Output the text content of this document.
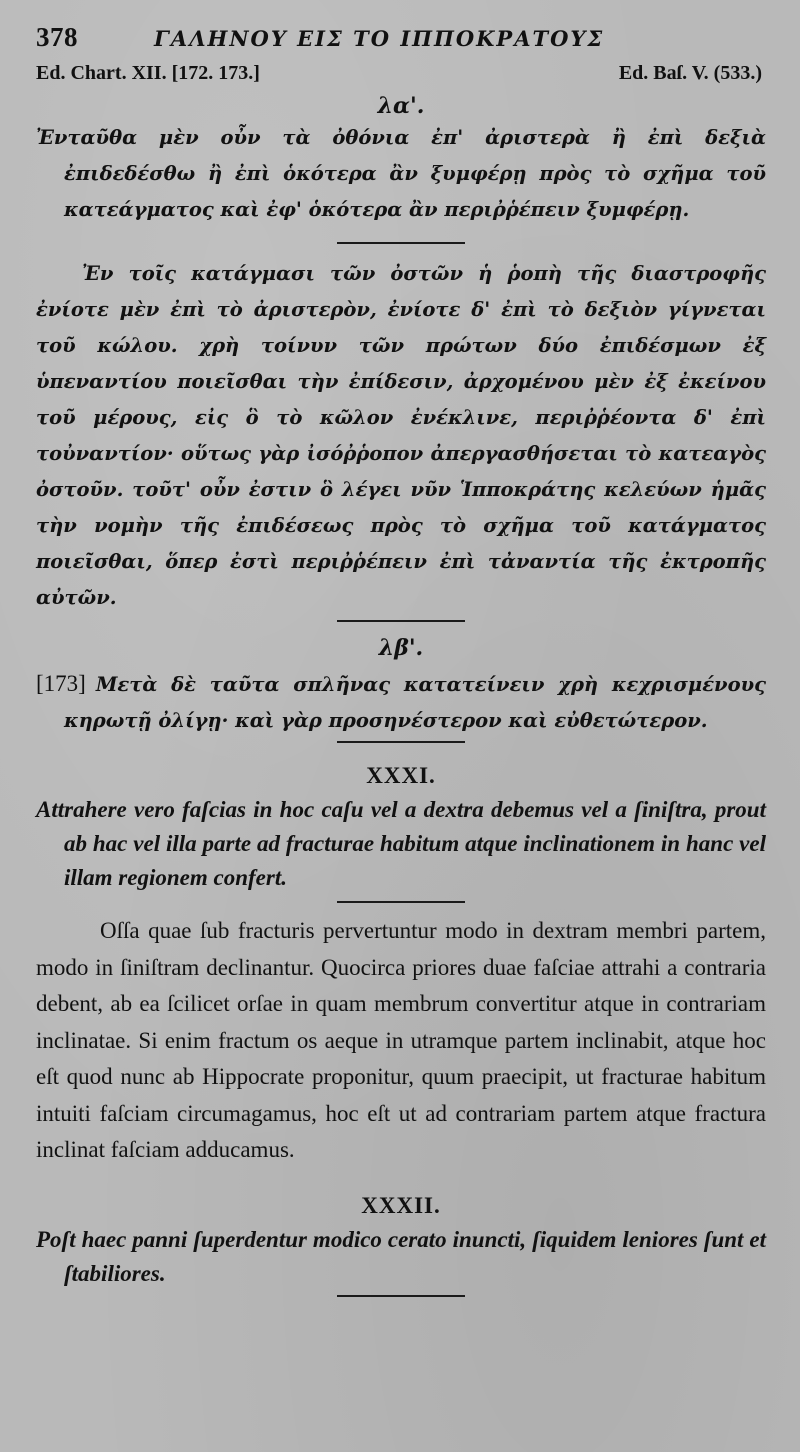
378	ΓΑΛΗΝΟΥ ΕΙΣ ΤΟ ΙΠΠΟΚΡΑΤΟΥΣ
Ed. Chart. XII. [172. 173.]	Ed. Baſ. V. (533.)
λα'.

Ἐνταῦθα μὲν οὖν τὰ ὀθόνια ἐπ' ἀριστερὰ ἢ ἐπὶ δεξιὰ ἐπιδεδέσθω ἢ ἐπὶ ὁκότερα ἂν ξυμφέρῃ πρὸς τὸ σχῆμα τοῦ κατεάγματος καὶ ἐφ' ὁκότερα ἂν περιῤῥέπειν ξυμφέρῃ.

Ἐν τοῖς κατάγμασι τῶν ὀστῶν ἡ ῥοπὴ τῆς διαστροφῆς ἐνίοτε μὲν ἐπὶ τὸ ἀριστερὸν, ἐνίοτε δ' ἐπὶ τὸ δεξιὸν γίγνεται τοῦ κώλου. χρὴ τοίνυν τῶν πρώτων δύο ἐπιδέσμων ἐξ ὑπεναντίου ποιεῖσθαι τὴν ἐπίδεσιν, ἀρχομένου μὲν ἐξ ἐκείνου τοῦ μέρους, εἰς ὃ τὸ κῶλον ἐνέκλινε, περιῤῥέοντα δ' ἐπὶ τοὐναντίον· οὕτως γὰρ ἰσόῤῥοπον ἀπεργασθήσεται τὸ κατεαγὸς ὀστοῦν. τοῦτ' οὖν ἐστιν ὃ λέγει νῦν Ἱπποκράτης κελεύων ἡμᾶς τὴν νομὴν τῆς ἐπιδέσεως πρὸς τὸ σχῆμα τοῦ κατάγματος ποιεῖσθαι, ὅπερ ἐστὶ περιῤῥέπειν ἐπὶ τἀναντία τῆς ἐκτροπῆς αὐτῶν.

λβ'.

[173] Μετὰ δὲ ταῦτα σπλῆνας κατατείνειν χρὴ κεχρισμένους κηρωτῇ ὀλίγῃ· καὶ γὰρ προσηνέστερον καὶ εὐθετώτερον.

XXXI.

Attrahere vero faſcias in hoc caſu vel a dextra debemus vel a ſiniſtra, prout ab hac vel illa parte ad fracturae habitum atque inclinationem in hanc vel illam regionem confert.

Oſſa quae ſub fracturis pervertuntur modo in dextram membri partem, modo in ſiniſtram declinantur. Quocirca priores duae faſciae attrahi a contraria debent, ab ea ſcilicet orſae in quam membrum convertitur atque in contrariam inclinatae. Si enim fractum os aeque in utramque partem inclinabit, atque hoc eſt quod nunc ab Hippocrate proponitur, quum praecipit, ut fracturae habitum intuiti faſciam circumagamus, hoc eſt ut ad contrariam partem atque fractura inclinat faſciam adducamus.

XXXII.

Poſt haec panni ſuperdentur modico cerato inuncti, ſiquidem leniores ſunt et ſtabiliores.
